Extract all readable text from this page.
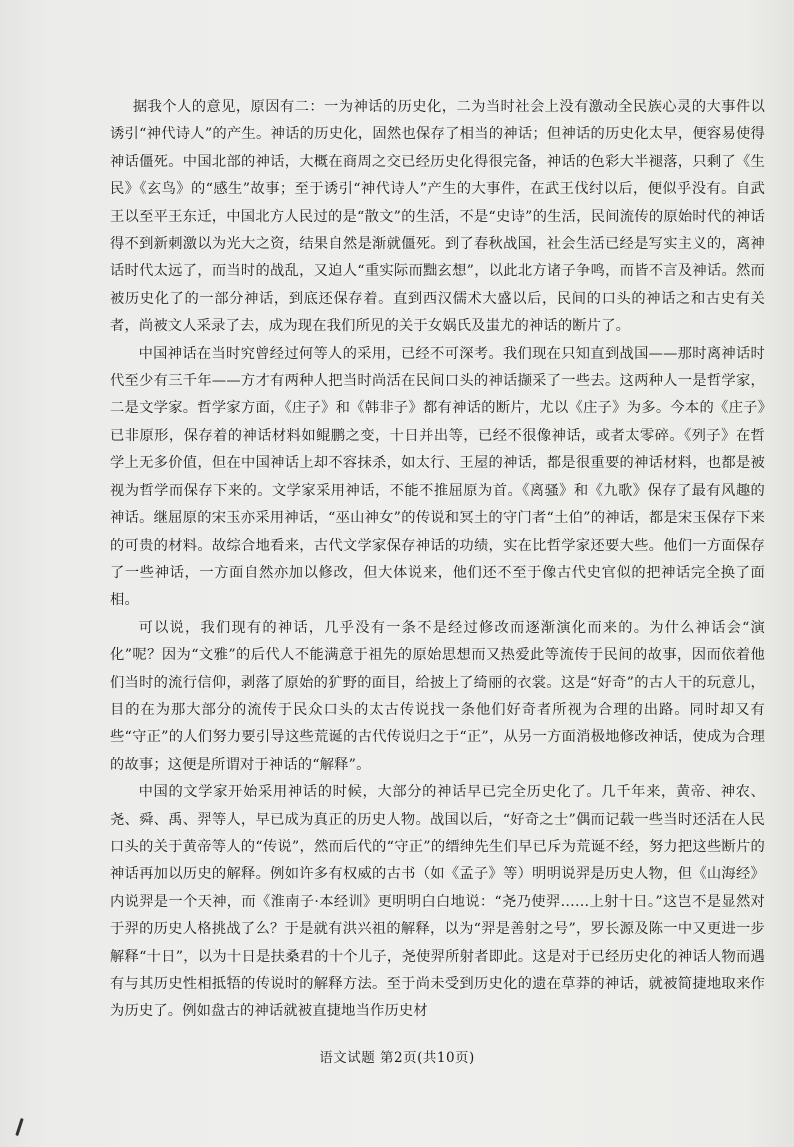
据我个人的意见，原因有二：一为神话的历史化，二为当时社会上没有激动全民族心灵的大事件以诱引“神代诗人”的产生。神话的历史化，固然也保存了相当的神话；但神话的历史化太早，便容易使得神话僵死。中国北部的神话，大概在商周之交已经历史化得很完备，神话的色彩大半褪落，只剩了《生民》《玄鸟》的“感生”故事；至于诱引“神代诗人”产生的大事件，在武王伐纣以后，便似乎没有。自武王以至平王东迁，中国北方人民过的是“散文”的生活，不是“史诗”的生活，民间流传的原始时代的神话得不到新刺激以为光大之资，结果自然是渐就僵死。到了春秋战国，社会生活已经是写实主义的，离神话时代太远了，而当时的战乱，又迫人“重实际而黜玄想”，以此北方诸子争鸣，而皆不言及神话。然而被历史化了的一部分神话，到底还保存着。直到西汉儒术大盛以后，民间的口头的神话之和古史有关者，尚被文人采录了去，成为现在我们所见的关于女娲氏及蚩尤的神话的断片了。

中国神话在当时究曾经过何等人的采用，已经不可深考。我们现在只知直到战国——那时离神话时代至少有三千年——方才有两种人把当时尚活在民间口头的神话撷采了一些去。这两种人一是哲学家，二是文学家。哲学家方面，《庄子》和《韩非子》都有神话的断片，尤以《庄子》为多。今本的《庄子》已非原形，保存着的神话材料如鲲鹏之变，十日并出等，已经不很像神话，或者太零碎。《列子》在哲学上无多价值，但在中国神话上却不容抹杀，如太行、王屋的神话，都是很重要的神话材料，也都是被视为哲学而保存下来的。文学家采用神话，不能不推屈原为首。《离骚》和《九歌》保存了最有风趣的神话。继屈原的宋玉亦采用神话，“巫山神女”的传说和冥土的守门者“土伯”的神话，都是宋玉保存下来的可贵的材料。故综合地看来，古代文学家保存神话的功绩，实在比哲学家还要大些。他们一方面保存了一些神话，一方面自然亦加以修改，但大体说来，他们还不至于像古代史官似的把神话完全换了面相。

可以说，我们现有的神话，几乎没有一条不是经过修改而逐渐演化而来的。为什么神话会“演化”呢？因为“文雅”的后代人不能满意于祖先的原始思想而又热爱此等流传于民间的故事，因而依着他们当时的流行信仰，剥落了原始的犷野的面目，给披上了绮丽的衣裳。这是“好奇”的古人干的玩意儿，目的在为那大部分的流传于民众口头的太古传说找一条他们好奇者所视为合理的出路。同时却又有些“守正”的人们努力要引导这些荒诞的古代传说归之于“正”，从另一方面消极地修改神话，使成为合理的故事；这便是所谓对于神话的“解释”。

中国的文学家开始采用神话的时候，大部分的神话早已完全历史化了。几千年来，黄帝、神农、尧、舜、禹、羿等人，早已成为真正的历史人物。战国以后，“好奇之士”偶而记载一些当时还活在人民口头的关于黄帝等人的“传说”，然而后代的“守正”的缙绅先生们早已斥为荒诞不经，努力把这些断片的神话再加以历史的解释。例如许多有权威的古书（如《孟子》等）明明说羿是历史人物，但《山海经》内说羿是一个天神，而《淮南子·本经训》更明明白白地说：“尧乃使羿……上射十日。”这岂不是显然对于羿的历史人格挑战了么？于是就有洪兴祖的解释，以为“羿是善射之号”，罗长源及陈一中又更进一步解释“十日”，以为十日是扶桑君的十个儿子，尧使羿所射者即此。这是对于已经历史化的神话人物而遇有与其历史性相抵牾的传说时的解释方法。至于尚未受到历史化的遗在草莽的神话，就被简捷地取来作为历史了。例如盘古的神话就被直捷地当作历史材

语文试题 第2页(共10页)
